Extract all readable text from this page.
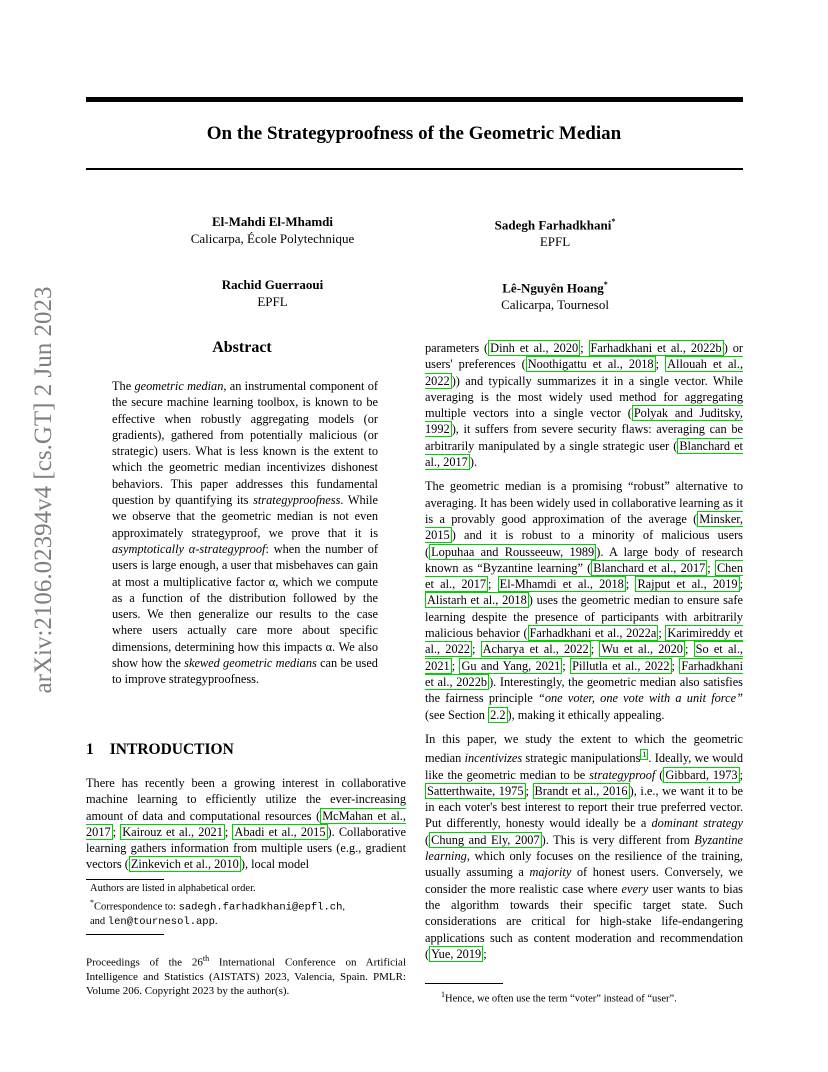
arXiv:2106.02394v4 [cs.GT] 2 Jun 2023
On the Strategyproofness of the Geometric Median
El-Mahdi El-Mhamdi
Calicarpa, École Polytechnique
Sadegh Farhadkhani*
EPFL
Rachid Guerraoui
EPFL
Lê-Nguyên Hoang*
Calicarpa, Tournesol
Abstract
The geometric median, an instrumental component of the secure machine learning toolbox, is known to be effective when robustly aggregating models (or gradients), gathered from potentially malicious (or strategic) users. What is less known is the extent to which the geometric median incentivizes dishonest behaviors. This paper addresses this fundamental question by quantifying its strategyproofness. While we observe that the geometric median is not even approximately strategyproof, we prove that it is asymptotically α-strategyproof: when the number of users is large enough, a user that misbehaves can gain at most a multiplicative factor α, which we compute as a function of the distribution followed by the users. We then generalize our results to the case where users actually care more about specific dimensions, determining how this impacts α. We also show how the skewed geometric medians can be used to improve strategyproofness.
1 INTRODUCTION
There has recently been a growing interest in collaborative machine learning to efficiently utilize the ever-increasing amount of data and computational resources ( McMahan et al., 2017 ; Kairouz et al., 2021 ; Abadi et al., 2015 ). Collaborative learning gathers information from multiple users (e.g., gradient vectors ( Zinkevich et al., 2010 ), local model
Authors are listed in alphabetical order.
*Correspondence to: sadegh.farhadkhani@epfl.ch,
and len@tournesol.app.
Proceedings of the 26th International Conference on Artificial Intelligence and Statistics (AISTATS) 2023, Valencia, Spain. PMLR: Volume 206. Copyright 2023 by the author(s).

parameters ( Dinh et al., 2020 ; Farhadkhani et al., 2022b ) or users' preferences ( Noothigattu et al., 2018 ; Allouah et al., 2022 )) and typically summarizes it in a single vector. While averaging is the most widely used method for aggregating multiple vectors into a single vector ( Polyak and Juditsky, 1992 ), it suffers from severe security flaws: averaging can be arbitrarily manipulated by a single strategic user ( Blanchard et al., 2017 ).

The geometric median is a promising “robust” alternative to averaging. It has been widely used in collaborative learning as it is a provably good approximation of the average ( Minsker, 2015 ) and it is robust to a minority of malicious users ( Lopuhaa and Rousseeuw, 1989 ). A large body of research known as “Byzantine learning” ( Blanchard et al., 2017 ; Chen et al., 2017 ; El-Mhamdi et al., 2018 ; Rajput et al., 2019 ; Alistarh et al., 2018 ) uses the geometric median to ensure safe learning despite the presence of participants with arbitrarily malicious behavior ( Farhadkhani et al., 2022a ; Karimireddy et al., 2022 ; Acharya et al., 2022 ; Wu et al., 2020 ; So et al., 2021 ; Gu and Yang, 2021 ; Pillutla et al., 2022 ; Farhadkhani et al., 2022b ). Interestingly, the geometric median also satisfies the fairness principle “one voter, one vote with a unit force” (see Section 2.2 ), making it ethically appealing.

In this paper, we study the extent to which the geometric median incentivizes strategic manipulations $^1$ . Ideally, we would like the geometric median to be strategyproof ( Gibbard, 1973 ; Satterthwaite, 1975 ; Brandt et al., 2016 ), i.e., we want it to be in each voter's best interest to report their true preferred vector. Put differently, honesty would ideally be a dominant strategy ( Chung and Ely, 2007 ). This is very different from Byzantine learning, which only focuses on the resilience of the training, usually assuming a majority of honest users. Conversely, we consider the more realistic case where every user wants to bias the algorithm towards their specific target state. Such considerations are critical for high-stake life-endangering applications such as content moderation and recommendation ( Yue, 2019 ;

$^1$Hence, we often use the term “voter” instead of “user”.
